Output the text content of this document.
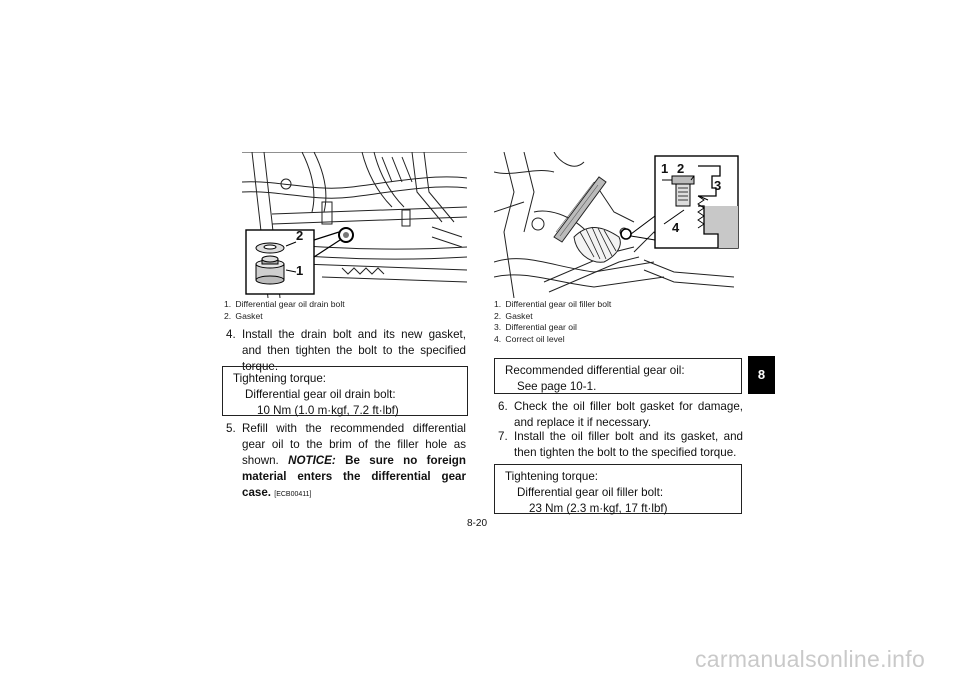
2
1
1. Differential gear oil drain bolt
2. Gasket
4. Install the drain bolt and its new gasket, and then tighten the bolt to the specified torque.
Tightening torque:
Differential gear oil drain bolt:
10 Nm (1.0 m·kgf, 7.2 ft·lbf)
5. Refill with the recommended differential gear oil to the brim of the filler hole as shown. NOTICE: Be sure no foreign material enters the differential gear case. [ECB00411]
1 2
3
4
1. Differential gear oil filler bolt
2. Gasket
3. Differential gear oil
4. Correct oil level
Recommended differential gear oil:
See page 10-1.
6. Check the oil filler bolt gasket for damage, and replace it if necessary.
7. Install the oil filler bolt and its gasket, and then tighten the bolt to the specified torque.
Tightening torque:
Differential gear oil filler bolt:
23 Nm (2.3 m·kgf, 17 ft·lbf)
8
8-20
carmanualsonline.info
